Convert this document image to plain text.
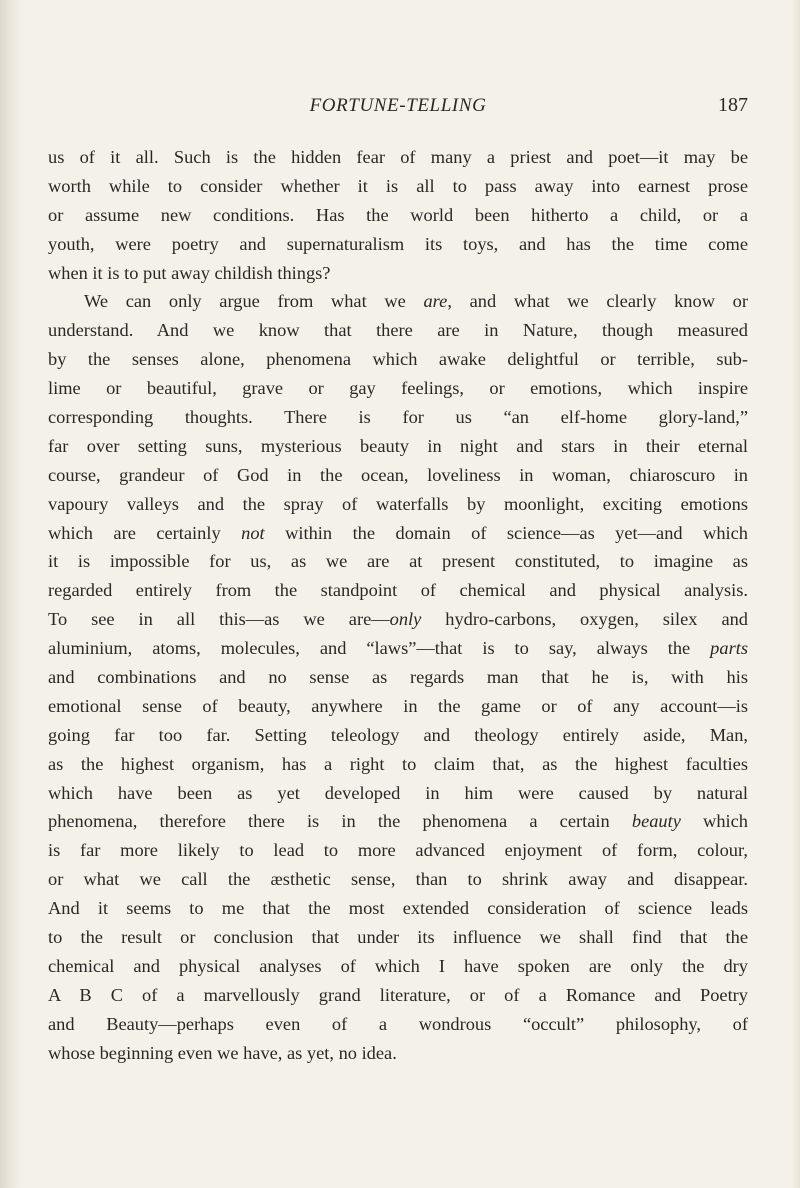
FORTUNE-TELLING	187
us of it all. Such is the hidden fear of many a priest and poet—it may be
worth while to consider whether it is all to pass away into earnest prose
or assume new conditions. Has the world been hitherto a child, or a
youth, were poetry and supernaturalism its toys, and has the time come
when it is to put away childish things?
We can only argue from what we are, and what we clearly know or
understand. And we know that there are in Nature, though measured
by the senses alone, phenomena which awake delightful or terrible, sub-
lime or beautiful, grave or gay feelings, or emotions, which inspire
corresponding thoughts. There is for us “an elf-home glory-land,”
far over setting suns, mysterious beauty in night and stars in their eternal
course, grandeur of God in the ocean, loveliness in woman, chiaroscuro in
vapoury valleys and the spray of waterfalls by moonlight, exciting emotions
which are certainly not within the domain of science—as yet—and which
it is impossible for us, as we are at present constituted, to imagine as
regarded entirely from the standpoint of chemical and physical analysis.
To see in all this—as we are—only hydro-carbons, oxygen, silex and
aluminium, atoms, molecules, and “laws”—that is to say, always the parts
and combinations and no sense as regards man that he is, with his
emotional sense of beauty, anywhere in the game or of any account—is
going far too far. Setting teleology and theology entirely aside, Man,
as the highest organism, has a right to claim that, as the highest faculties
which have been as yet developed in him were caused by natural
phenomena, therefore there is in the phenomena a certain beauty which
is far more likely to lead to more advanced enjoyment of form, colour,
or what we call the æsthetic sense, than to shrink away and disappear.
And it seems to me that the most extended consideration of science leads
to the result or conclusion that under its influence we shall find that the
chemical and physical analyses of which I have spoken are only the dry
A B C of a marvellously grand literature, or of a Romance and Poetry
and Beauty—perhaps even of a wondrous “occult” philosophy, of
whose beginning even we have, as yet, no idea.
